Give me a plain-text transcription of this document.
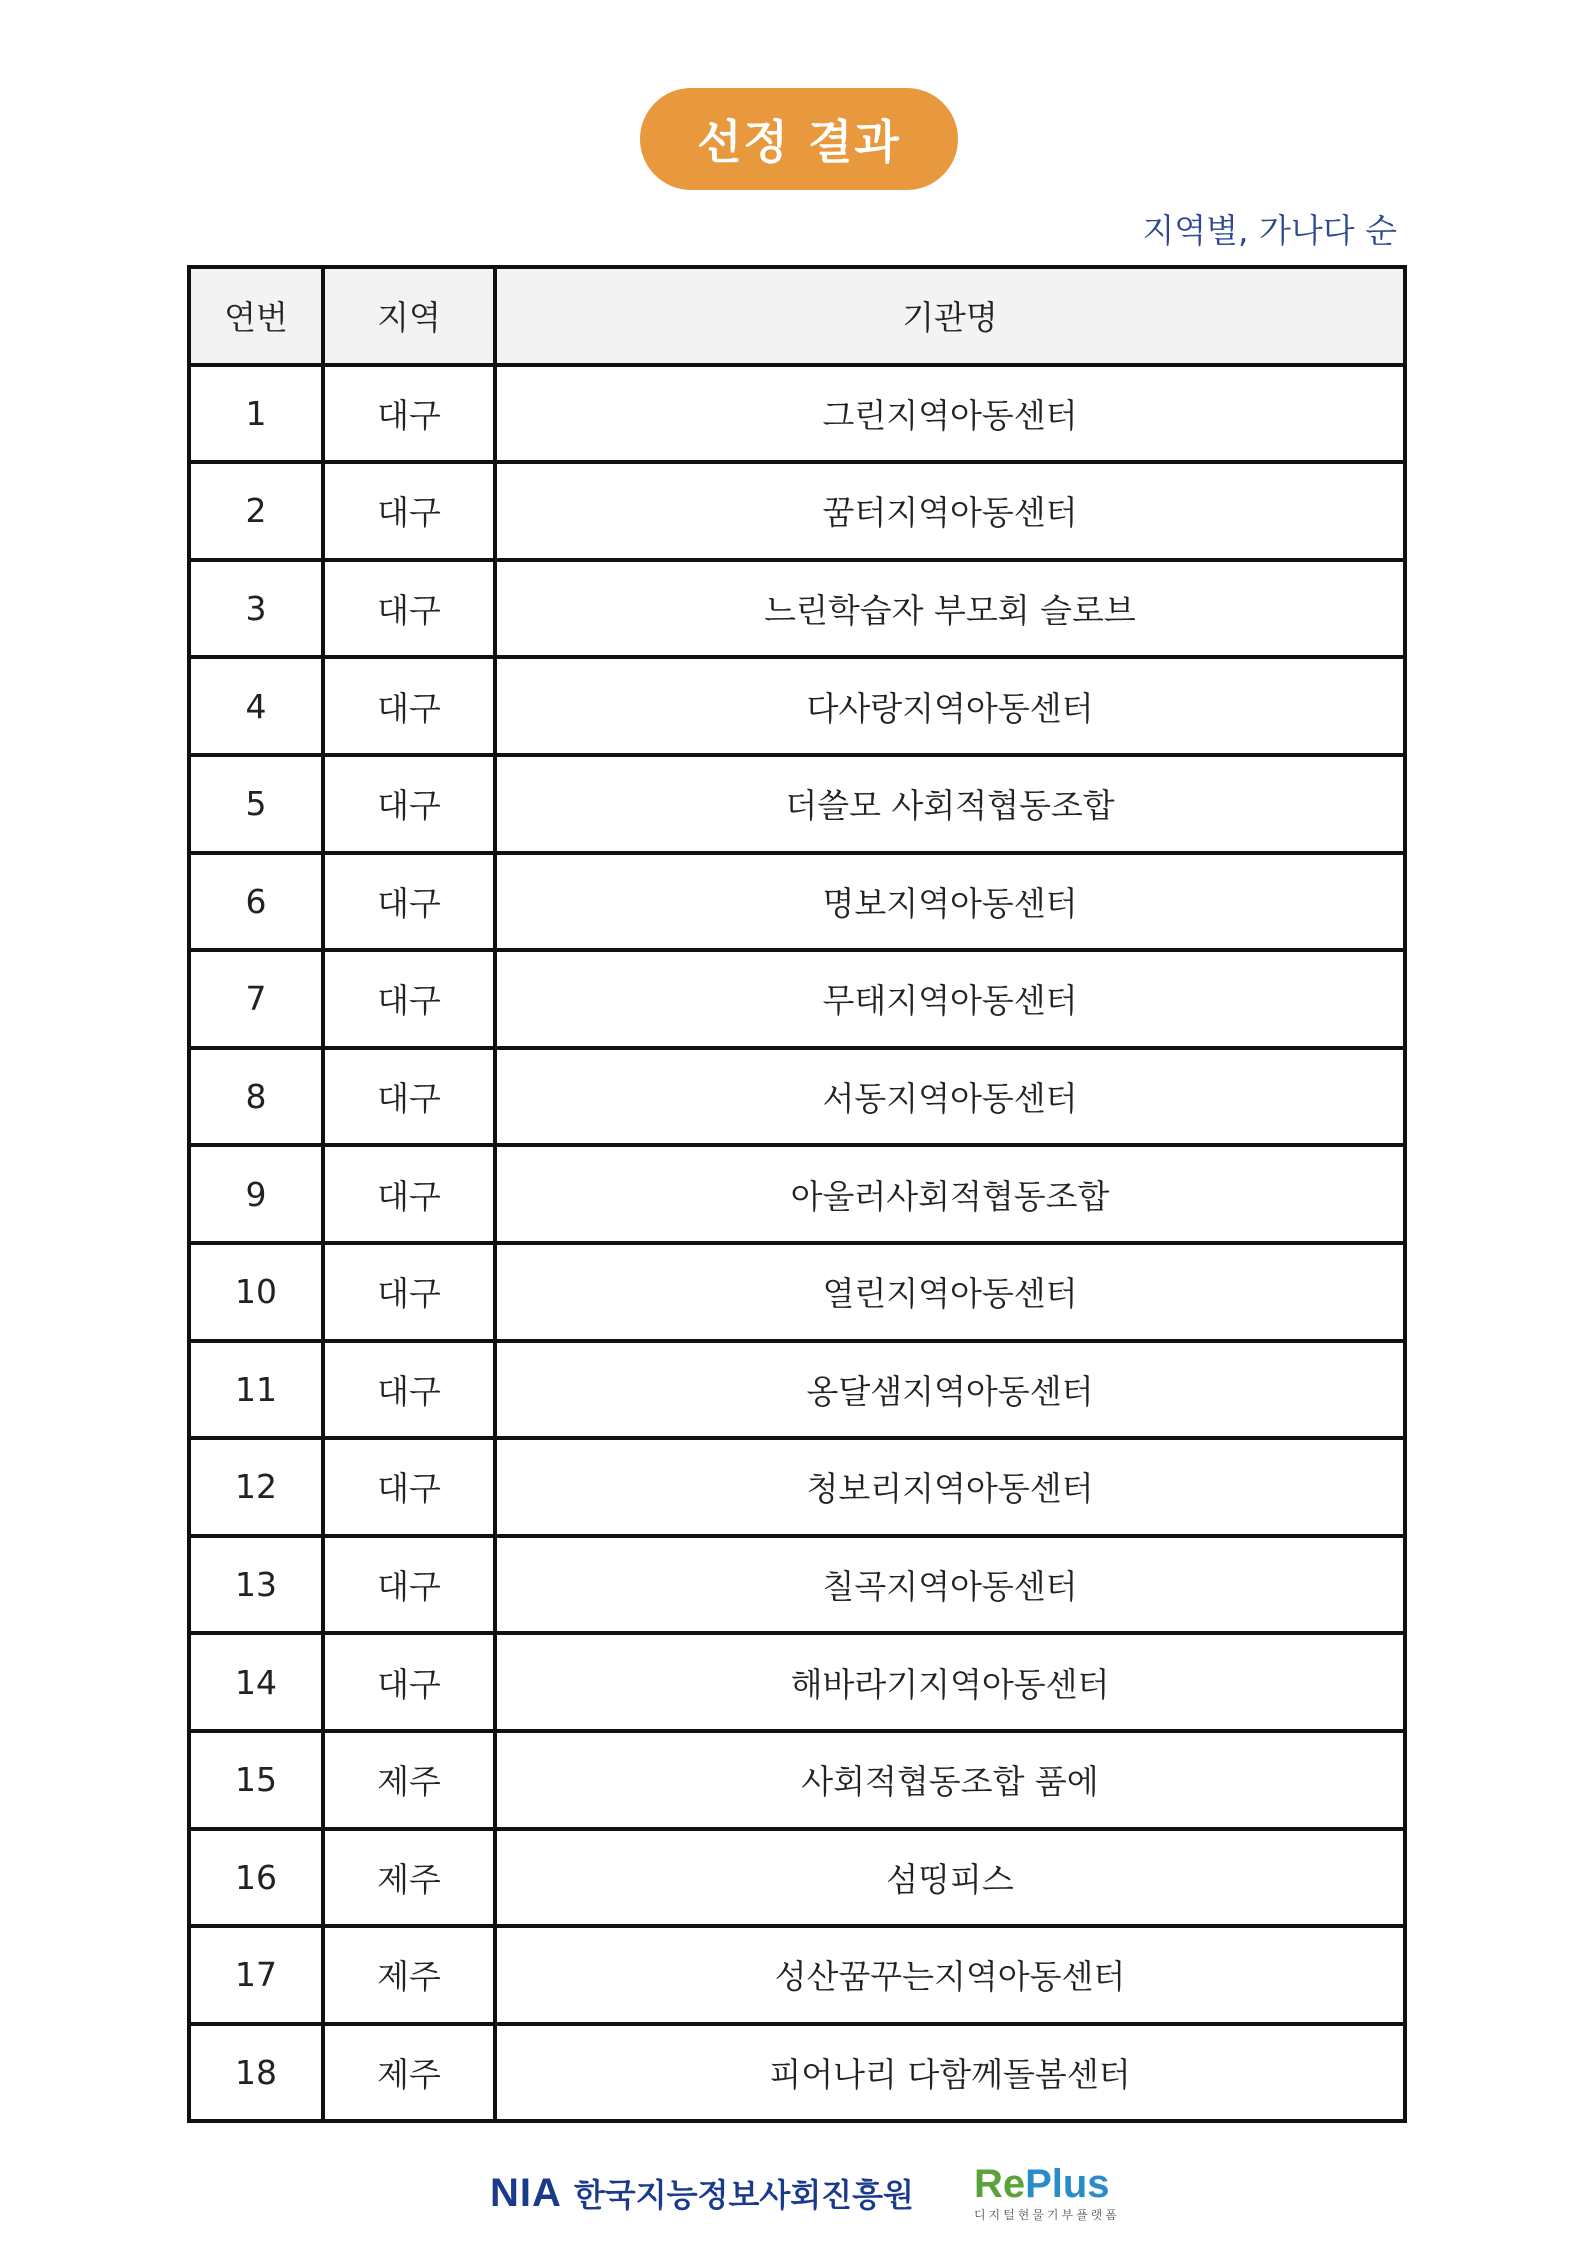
선정 결과
지역별, 가나다 순
연번	지역	기관명
1	대구	그린지역아동센터
2	대구	꿈터지역아동센터
3	대구	느린학습자 부모회 슬로브
4	대구	다사랑지역아동센터
5	대구	더쓸모 사회적협동조합
6	대구	명보지역아동센터
7	대구	무태지역아동센터
8	대구	서동지역아동센터
9	대구	아울러사회적협동조합
10	대구	열린지역아동센터
11	대구	옹달샘지역아동센터
12	대구	청보리지역아동센터
13	대구	칠곡지역아동센터
14	대구	해바라기지역아동센터
15	제주	사회적협동조합 품에
16	제주	섬띵피스
17	제주	성산꿈꾸는지역아동센터
18	제주	피어나리 다함께돌봄센터
NIA 한국지능정보사회진흥원 RePlus
디지털현물기부플랫폼
